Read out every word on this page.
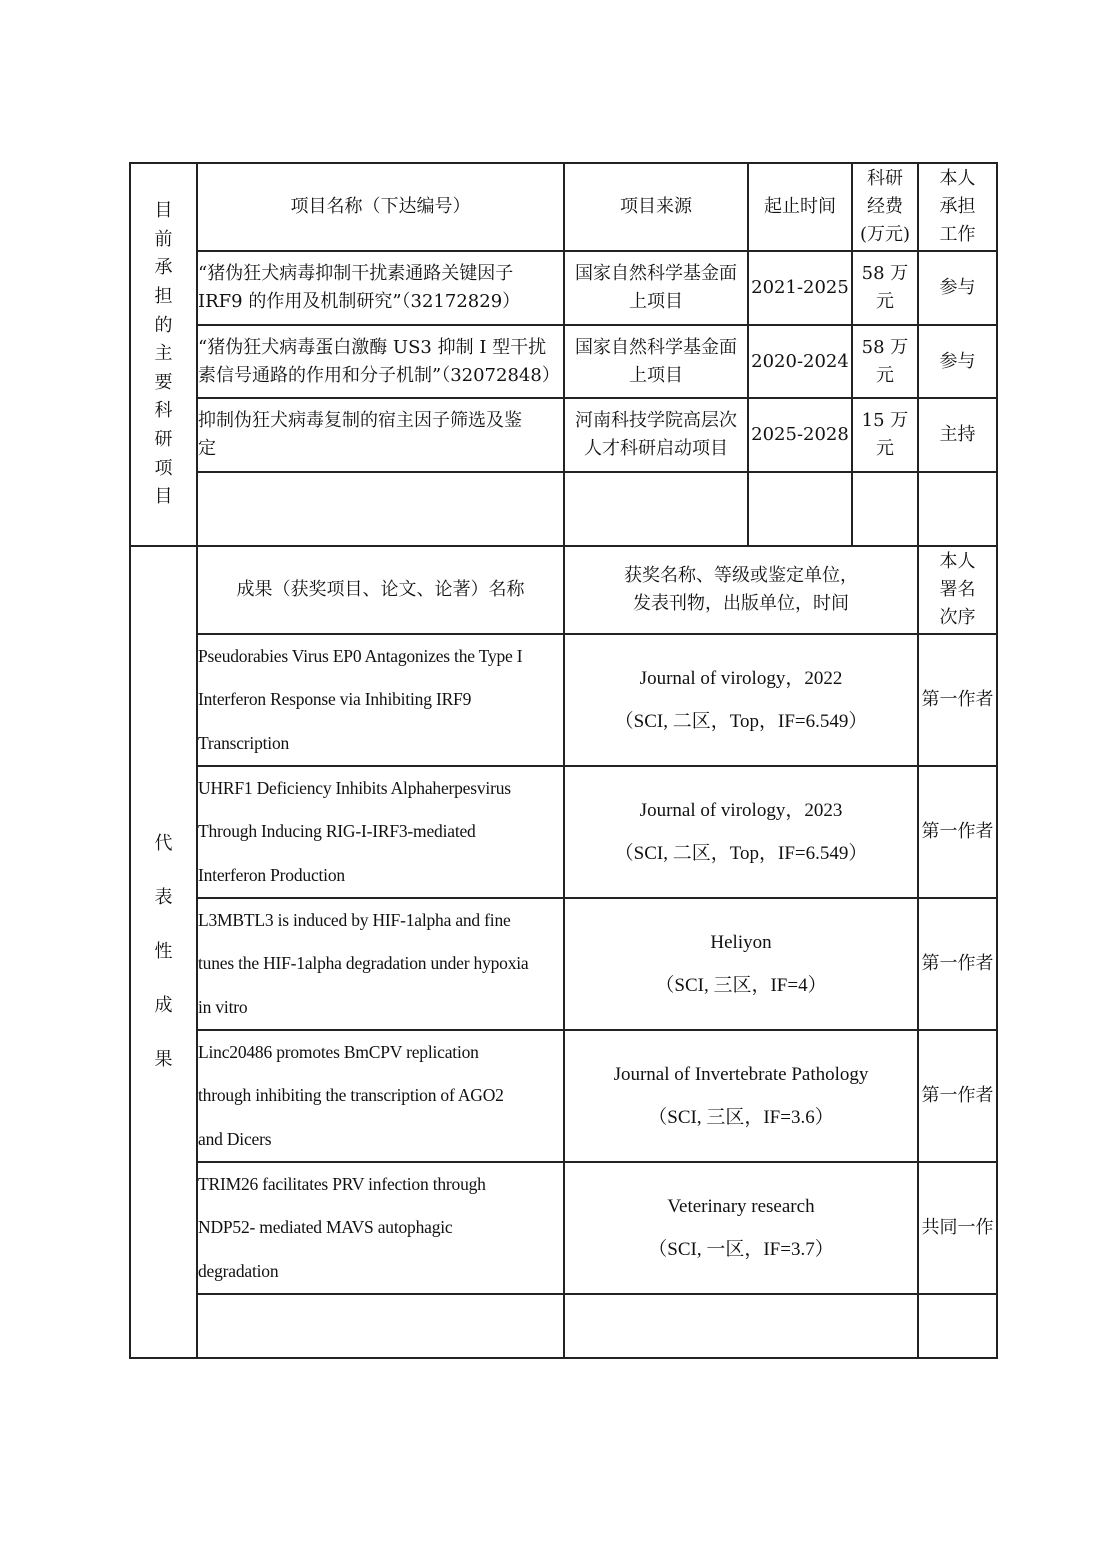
目前承担的主要科研项目
项目名称（下达编号）	项目来源	起止时间
科研
经费
(万元)
本人
承担
工作
“猪伪狂犬病毒抑制干扰素通路关键因子
IRF9 的作用及机制研究”（32172829）
国家自然科学基金面
上项目
2021-2025
58 万元
参与
“猪伪狂犬病毒蛋白激酶 US3 抑制 I 型干扰
素信号通路的作用和分子机制”（32072848）
国家自然科学基金面
上项目
2020-2024
58 万元
参与
抑制伪狂犬病毒复制的宿主因子筛选及鉴
定
河南科技学院高层次
人才科研启动项目
2025-2028
15 万元
主持
代表性成果
成果（获奖项目、论文、论著）名称
获奖名称、等级或鉴定单位，
发表刊物，出版单位，时间
本人
署名
次序
Pseudorabies Virus EP0 Antagonizes the Type I
Interferon Response via Inhibiting IRF9
Transcription
Journal of virology，2022
（SCI, 二区，Top，IF=6.549）
第一作者
UHRF1 Deficiency Inhibits Alphaherpesvirus
Through Inducing RIG-I-IRF3-mediated
Interferon Production
Journal of virology，2023
（SCI, 二区，Top，IF=6.549）
第一作者
L3MBTL3 is induced by HIF-1alpha and fine
tunes the HIF-1alpha degradation under hypoxia
in vitro
Heliyon
（SCI, 三区，IF=4）
第一作者
Linc20486 promotes BmCPV replication
through inhibiting the transcription of AGO2
and Dicers
Journal of Invertebrate Pathology
（SCI, 三区，IF=3.6）
第一作者
TRIM26 facilitates PRV infection through
NDP52- mediated MAVS autophagic
degradation
Veterinary research
（SCI, 一区，IF=3.7）
共同一作
